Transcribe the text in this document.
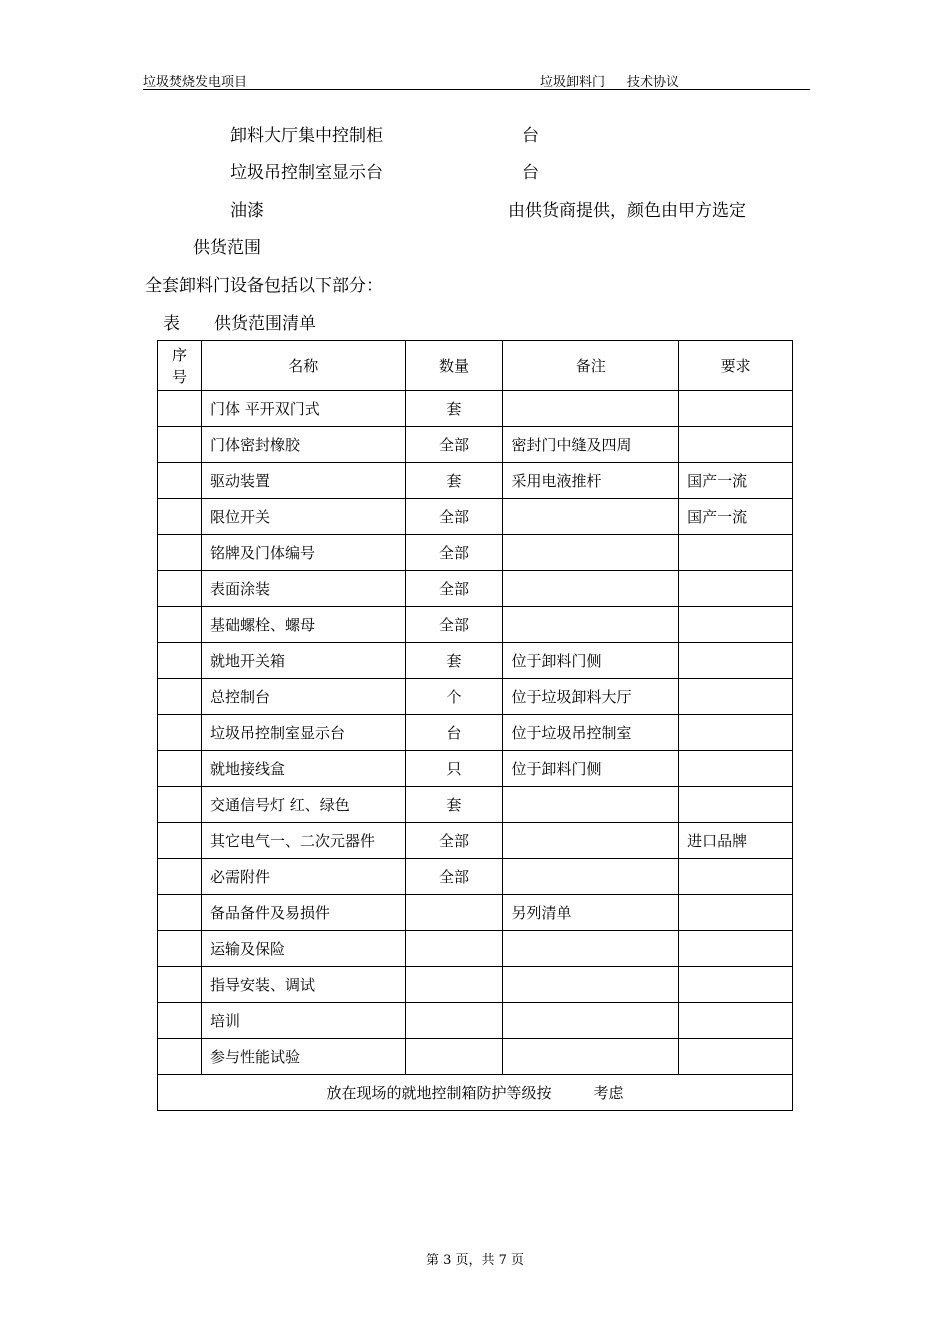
垃圾焚烧发电项目	垃圾卸料门 技术协议
卸料大厅集中控制柜	台
垃圾吊控制室显示台	台
油漆	由供货商提供，颜色由甲方选定
供货范围
全套卸料门设备包括以下部分：
表 供货范围清单
序号	名称	数量	备注	要求
	门体 平开双门式	套		
	门体密封橡胶	全部	密封门中缝及四周	
	驱动装置	套	采用电液推杆	国产一流
	限位开关	全部		国产一流
	铭牌及门体编号	全部		
	表面涂装	全部		
	基础螺栓、螺母	全部		
	就地开关箱	套	位于卸料门侧	
	总控制台	个	位于垃圾卸料大厅	
	垃圾吊控制室显示台	台	位于垃圾吊控制室	
	就地接线盒	只	位于卸料门侧	
	交通信号灯 红、绿色	套		
	其它电气一、二次元器件	全部		进口品牌
	必需附件	全部		
	备品备件及易损件		另列清单	
	运输及保险			
	指导安装、调试			
	培训			
	参与性能试验			
放在现场的就地控制箱防护等级按 考虑				
第 3 页，共 7 页
